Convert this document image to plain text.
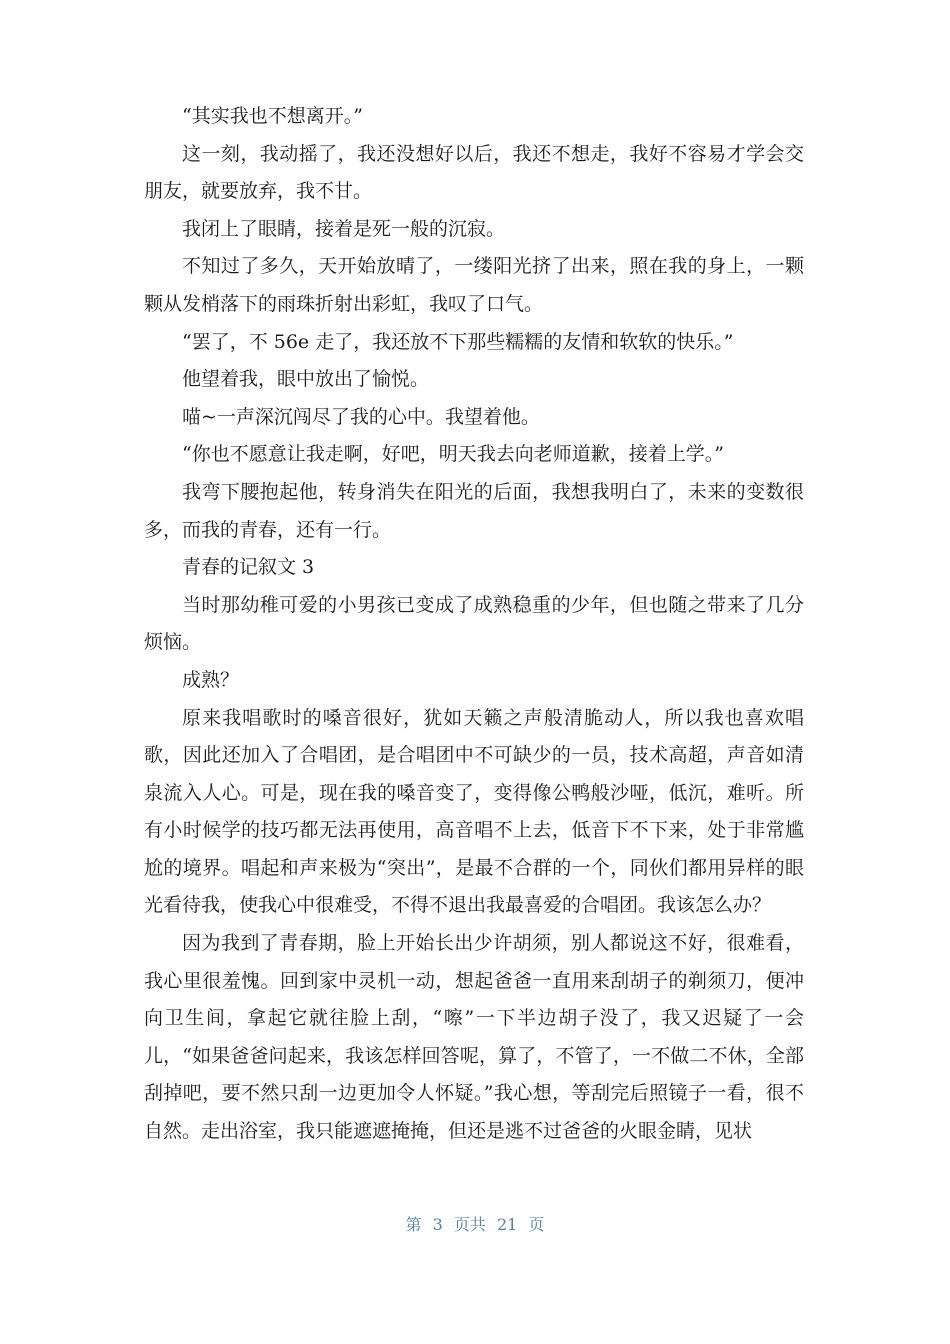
“其实我也不想离开。”

这一刻，我动摇了，我还没想好以后，我还不想走，我好不容易才学会交朋友，就要放弃，我不甘。

我闭上了眼睛，接着是死一般的沉寂。

不知过了多久，天开始放晴了，一缕阳光挤了出来，照在我的身上，一颗颗从发梢落下的雨珠折射出彩虹，我叹了口气。

“罢了，不 56e 走了，我还放不下那些糯糯的友情和软软的快乐。”

他望着我，眼中放出了愉悦。

喵~一声深沉闯尽了我的心中。我望着他。

“你也不愿意让我走啊，好吧，明天我去向老师道歉，接着上学。”

我弯下腰抱起他，转身消失在阳光的后面，我想我明白了，未来的变数很多，而我的青春，还有一行。

青春的记叙文 3

当时那幼稚可爱的小男孩已变成了成熟稳重的少年，但也随之带来了几分烦恼。

成熟？

原来我唱歌时的嗓音很好，犹如天籁之声般清脆动人，所以我也喜欢唱歌，因此还加入了合唱团，是合唱团中不可缺少的一员，技术高超，声音如清泉流入人心。可是，现在我的嗓音变了，变得像公鸭般沙哑，低沉，难听。所有小时候学的技巧都无法再使用，高音唱不上去，低音下不下来，处于非常尴尬的境界。唱起和声来极为“突出”，是最不合群的一个，同伙们都用异样的眼光看待我，使我心中很难受，不得不退出我最喜爱的合唱团。我该怎么办？

因为我到了青春期，脸上开始长出少许胡须，别人都说这不好，很难看，我心里很羞愧。回到家中灵机一动，想起爸爸一直用来刮胡子的剃须刀，便冲向卫生间，拿起它就往脸上刮，“嚓”一下半边胡子没了，我又迟疑了一会儿，“如果爸爸问起来，我该怎样回答呢，算了，不管了，一不做二不休，全部刮掉吧，要不然只刮一边更加令人怀疑。”我心想，等刮完后照镜子一看，很不自然。走出浴室，我只能遮遮掩掩，但还是逃不过爸爸的火眼金睛，见状

第 3 页共 21 页
